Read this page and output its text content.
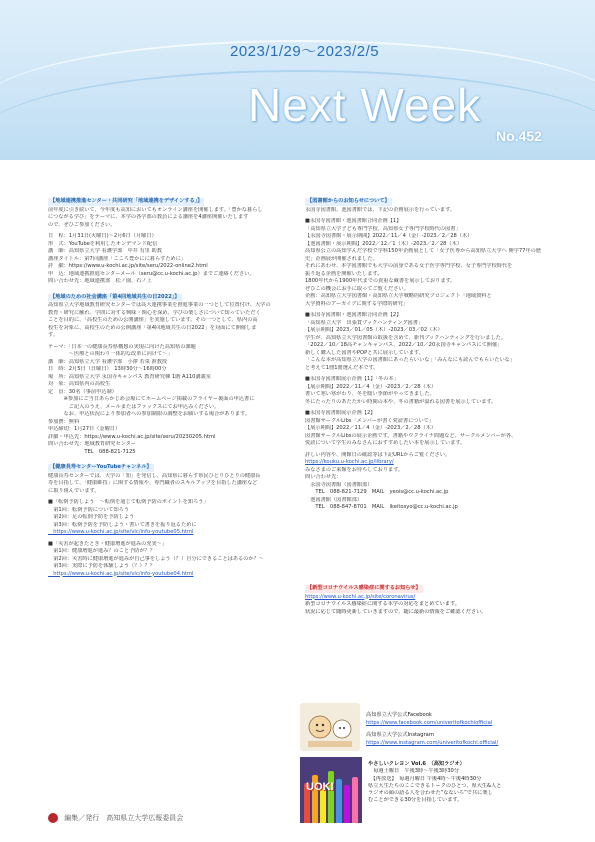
2023/1/29～2023/2/5
Next Week
No.452
【地域連携推進センター・共同研究「地域連携をデザインする」】
前年度に引き続いて、今年度も高知においてもオンライン講座を開催します。「豊かな暮らし
につながる学び」をテーマに、本学の各学部の教員による講座を4講座開催いたします
ので、ぜひご参加ください。
日　程：1月31日(火曜日)～2月6日（月曜日）
形　式：YouTubeを利用したオンデマンド配信
講　師：高知県立大学 看護学部　中井 有里 助教
講座タイトル：第7回講座「こころ豊かにに暮らすために」
詳　細：https://www.u-kochi.ac.jp/site/seru/2022-online2.html
申　込：地域連携推進センターメール（seru@cc.u-kochi.ac.jp）までご連絡ください。
問い合わせ先：地域連携部　松ノ園、石ノ上
【地域のための社会講座「第4回地域共生の日2022」】
高知県立大学地域教育研究センターでは高大連携事業を推進事業の一つとして位置付け、大学の
教育・研究に触れ、学問に対する興味・関心を深め、学びの楽しさについて知っていただく
ことを目的に、「高校生のための公開講座」を実施しています。その一つとして、県内の高
校生を対象に、高校生のための公開講座「第4回地域共生の日2022」を対面にて開催しま
す。
テーマ：「日本一の健康長寿県構想の実現に向けた高知県の課題
　　　　～医療との関わり一体的な改革に向けて～」
講　師：高知県立大学 看護学部　小澤 若菜 准教授
日　時：2月5日（日曜日）　13時30分～16時00分
場　所：高知県立大学 永国寺キャンパス 教育研究棟 1階 A110講義室
対　象：高知県内の高校生
定　員：30名（事前申込制）
　　　※参加にご当日あらかじめ会場にてホームページ掲載のフライヤー裏面の申込書に
　　　　ご記入のうえ、メールまたはファックスにてお申込みください。
　　　なお、申込状況により参加者への参加制限の調整をお願いする場合があります。
参加費：無料
申込締切：1月27日（金曜日）
詳細・申込先：https://www.u-kochi.ac.jp/site/seru/20230205.html
問い合わせ先：地域教育研究センター
　　　　　　　TEL　088-821-7125
【健康長寿センターYouTubeチャンネル】
健康長寿センターでは、大学の「知」を発信し、高知県に暮らす県民ひとりひとりの健康長
寿を目指して、「健康維持」に関する情報や、専門職者のスキルアップを目指した講座など
に取り組んでいます。
■「転倒予防しよう　～転倒を通じて転倒予防のポイントを知ろう」
　第1回：転倒予防について知ろう
　第2回：足の転倒予防を予防しよう
　第3回：転倒予防を予防しよう・書いて書きを振り返るために
　https://www.u-kochi.ac.jp/site/vlc/info-youtube05.html
■「災害が起きたとき・健康増進が進みの充実～」
　第1回：健康増進が進み？のこと予防が？？
　第2回：災害時に健康増進が進みが自己事をしよう（？）自分にできることはあるのか？～
　第3回：実際に予防を体験しよう（？）？？
　https://www.u-kochi.ac.jp/site/vlc/info-youtube04.html
【図書館からのお知らせについて】
永国寺図書館、池図書館では、下記の企画展示を行っています。
■永国寺図書館・池図書館合同企画【1】
「高知県立大学子ども専門学校、高知県女子専門学校時代の図書」
【永国寺図書館・展示期間】2022／11／4（金）-2023／2／28（木）
【池図書館・展示期間】2022／12／1（木）-2023／2／28（木）
高知県公立の高知学んだ学校で学科150年企画展として「女子医専から高知県立大学へ 開学77年の歴
史」企画展が開催されました。
それにあわせ、本学図書館でも大学の前身である女子医学専門学校、女子専門学校時代を
振り返る企画を開催いたします。
1800年代から1900年代までの貴重な蔵書を展示しております。
ぜひこの機会にお手に取ってご覧ください。
企画：高知県立大学図書館・高知県立大学戦略的研究プロジェクト「地域資料と
大学資料のアーカイブに関する学際的研究」
■永国寺図書館・池図書館合同企画【2】
「高知県立大学　出張賞ブックハンティング図書」
【展示期間】2023／01／05（木）-2023／03／02（木）
学生が、高知県立大学図書館の取扱を含めて、新刊ブックハンティングを行いました。
「2022／10／18高チャンキャンパス、2022／10／20永国寺キャンパスにて開催」
新しく購入した図書やPOPと共に展示しています。
「こんな本が高知県立大学の図書館にあったらいいな」「みんなにも読んでもらいたいな」
と考えて1冊1冊選んだ本です。
■永国寺図書館展示企画【1】「冬の本」
【展示期間】2022／11／4（金）-2023／2／28（木）
書いて寒い寒がわり、冬を暖い季節がやってきました。
冬にたったりのあたたかい時間の本や、冬の書籍が溢れる図書を展示しています。
■永国寺図書館展示企画【2】
図書館サークルLibs「メンバーが書く愛読書について」
【展示期間】2022／11／4（金）-2023／2／28（木）
図書館サークルLibsの展示企画です。書籍やウクライナ問題など、サークルメンバーが各、
愛読について学生のみなさんにおすすめしたい本を展示しています。
詳しい内容や、開館日の確認等は下記URLからご覧ください。
https://kouku.u-kochi.ac.jp/library/
みなさまのご来館をお待ちしております。
問い合わせ先：
　永国寺図書館（図書館部）
　　TEL　088-821-7129　MAIL　yeois@cc.u-kochi.ac.jp
　池図書館（図書館部）
　　TEL　088-847-8701　MAIL　ikeitosyo@cc.u-kochi.ac.jp
【新型コロナウイルス感染症に関するお知らせ】
https://www.u-kochi.ac.jp/site/coronavirus/
新型コロナウイルス感染症に関する本学の対応をまとめています。
状況に応じて随時更新していきますので、随に最新の情報をご確認ください。
高知県立大学公式Facebook
https://www.facebook.com/univeritofkochiofficial
高知県立大学公式Instagram
https://www.instagram.com/univeritofkochi.official/
UOKI
やさしいクレヨン Vol.6　（高知ラジオ）
　毎週土曜日　午後3時～午後3時30分
　【再放送】　毎週月曜日 午後4時～午後4時30分
県立大生たちのここできるトークのひとつ、県大生&人と
ラジオの顔の語る人を合わせた“なないろ”で共に楽し
むことができる30分を目指しています。
編集／発行　高知県立大学広報委員会
